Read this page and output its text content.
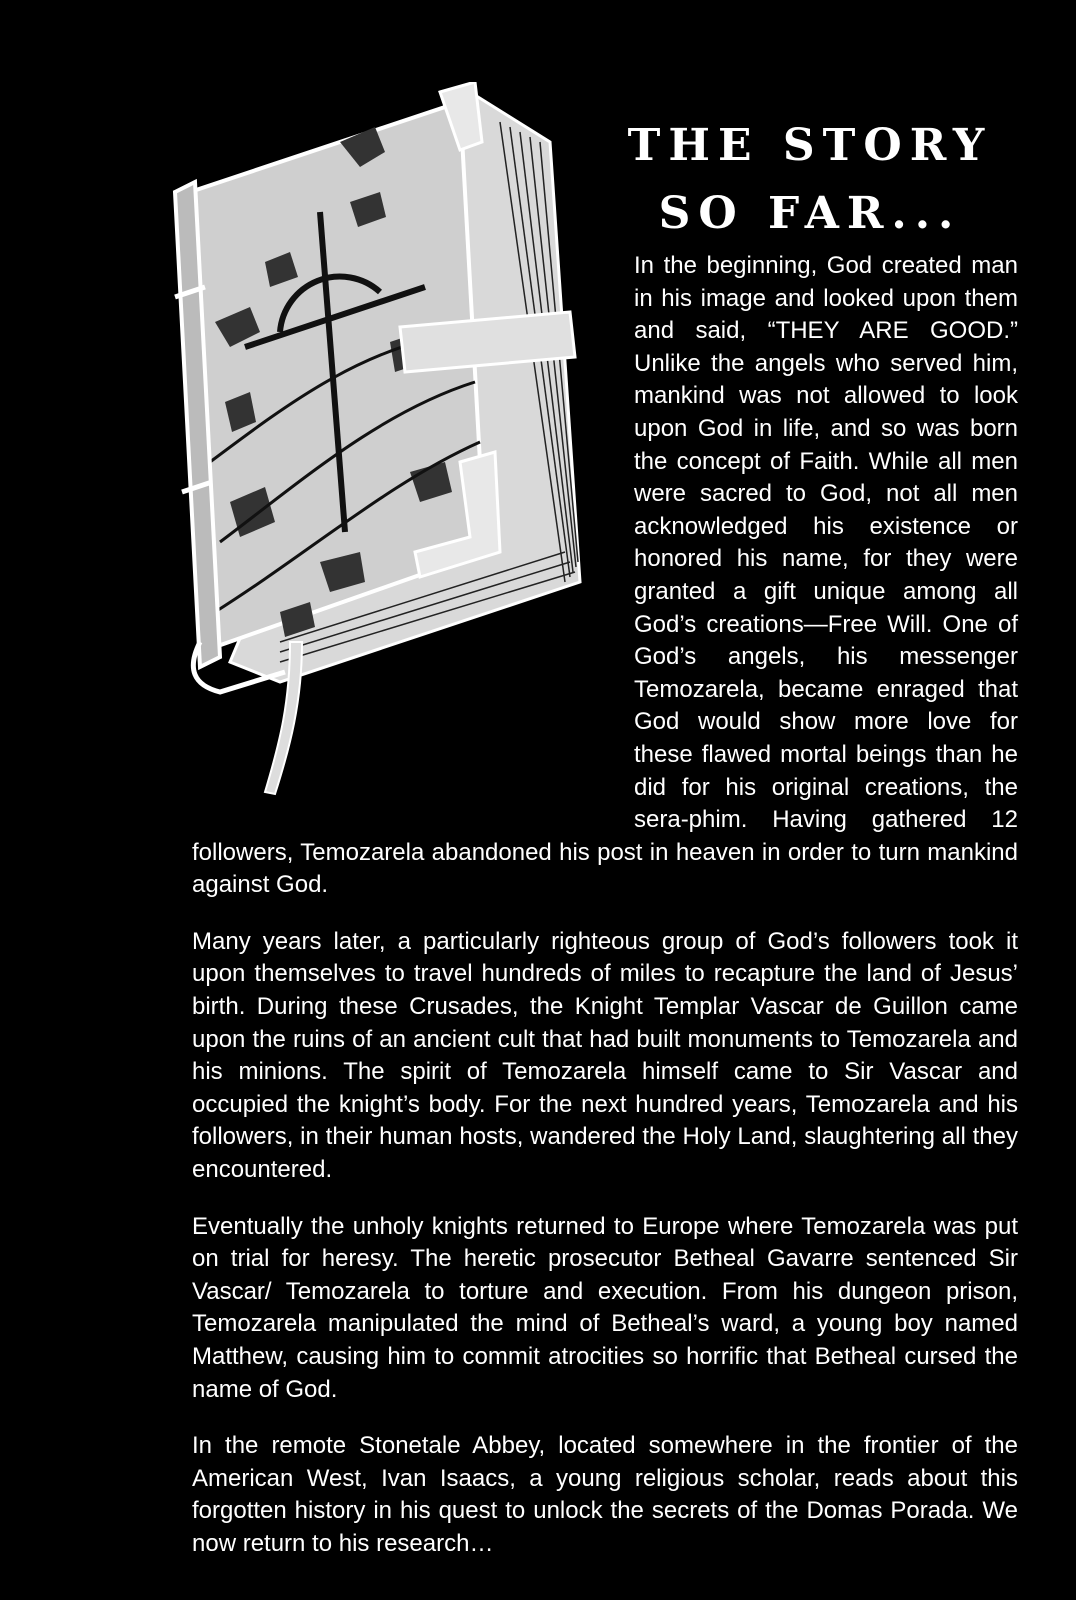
THE STORY
SO FAR...

In the beginning, God created man in his image and looked upon them and said, “THEY ARE GOOD.” Unlike the angels who served him, mankind was not allowed to look upon God in life, and so was born the concept of Faith. While all men were sacred to God, not all men acknowledged his existence or honored his name, for they were granted a gift unique among all God’s creations—Free Will. One of God’s angels, his messenger Temozarela, became enraged that God would show more love for these flawed mortal beings than he did for his original creations, the sera-phim. Having gathered 12 followers, Temozarela abandoned his post in heaven in order to turn mankind against God.

Many years later, a particularly righteous group of God’s followers took it upon themselves to travel hundreds of miles to recapture the land of Jesus’ birth. During these Crusades, the Knight Templar Vascar de Guillon came upon the ruins of an ancient cult that had built monuments to Temozarela and his minions. The spirit of Temozarela himself came to Sir Vascar and occupied the knight’s body. For the next hundred years, Temozarela and his followers, in their human hosts, wandered the Holy Land, slaughtering all they encountered.

Eventually the unholy knights returned to Europe where Temozarela was put on trial for heresy. The heretic prosecutor Betheal Gavarre sentenced Sir Vascar/ Temozarela to torture and execution. From his dungeon prison, Temozarela manipulated the mind of Betheal’s ward, a young boy named Matthew, causing him to commit atrocities so horrific that Betheal cursed the name of God.

In the remote Stonetale Abbey, located somewhere in the frontier of the American West, Ivan Isaacs, a young religious scholar, reads about this forgotten history in his quest to unlock the secrets of the Domas Porada. We now return to his research…
